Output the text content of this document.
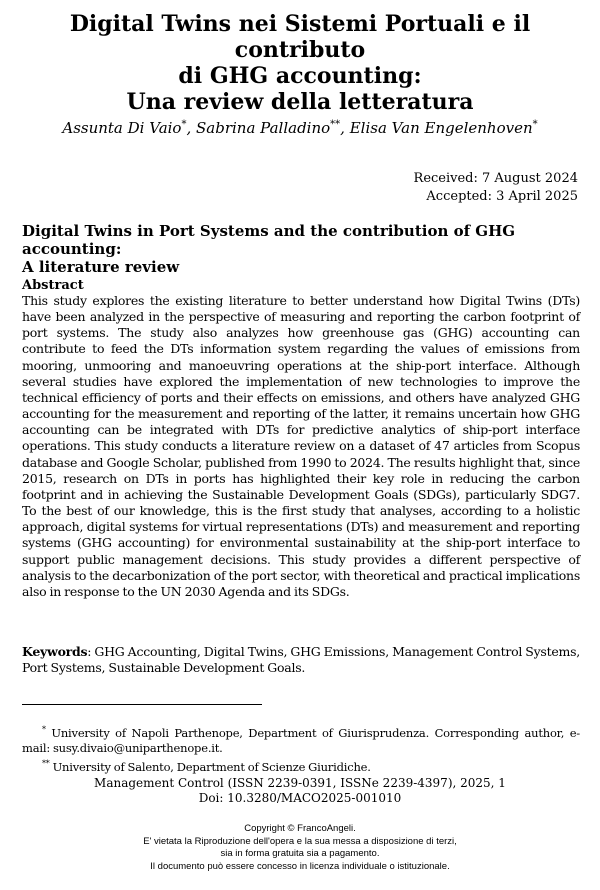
Digital Twins nei Sistemi Portuali e il contributo
di GHG accounting:
Una review della letteratura
Assunta Di Vaio*, Sabrina Palladino**, Elisa Van Engelenhoven*
Received: 7 August 2024
Accepted: 3 April 2025
Digital Twins in Port Systems and the contribution of GHG accounting:
A literature review
Abstract
This study explores the existing literature to better understand how Digital Twins (DTs) have been analyzed in the perspective of measuring and reporting the carbon footprint of port systems. The study also analyzes how greenhouse gas (GHG) accounting can contribute to feed the DTs information system regarding the values of emissions from mooring, unmooring and manoeuvring operations at the ship-port interface. Although several studies have explored the implementation of new technologies to improve the technical efficiency of ports and their effects on emissions, and others have analyzed GHG accounting for the measurement and reporting of the latter, it remains uncertain how GHG accounting can be integrated with DTs for predictive analytics of ship-port interface operations. This study conducts a literature review on a dataset of 47 articles from Scopus database and Google Scholar, published from 1990 to 2024. The results highlight that, since 2015, research on DTs in ports has highlighted their key role in reducing the carbon footprint and in achieving the Sustainable Development Goals (SDGs), particularly SDG7. To the best of our knowledge, this is the first study that analyses, according to a holistic approach, digital systems for virtual representations (DTs) and measurement and reporting systems (GHG accounting) for environmental sustainability at the ship-port interface to support public management decisions. This study provides a different perspective of analysis to the decarbonization of the port sector, with theoretical and practical implications also in response to the UN 2030 Agenda and its SDGs.
Keywords: GHG Accounting, Digital Twins, GHG Emissions, Management Control Systems, Port Systems, Sustainable Development Goals.
* University of Napoli Parthenope, Department of Giurisprudenza. Corresponding author, e-mail: susy.divaio@uniparthenope.it.
** University of Salento, Department of Scienze Giuridiche.
Management Control (ISSN 2239-0391, ISSNe 2239-4397), 2025, 1
Doi: 10.3280/MACO2025-001010
Copyright © FrancoAngeli.
E' vietata la Riproduzione dell'opera e la sua messa a disposizione di terzi,
sia in forma gratuita sia a pagamento.
Il documento può essere concesso in licenza individuale o istituzionale.
